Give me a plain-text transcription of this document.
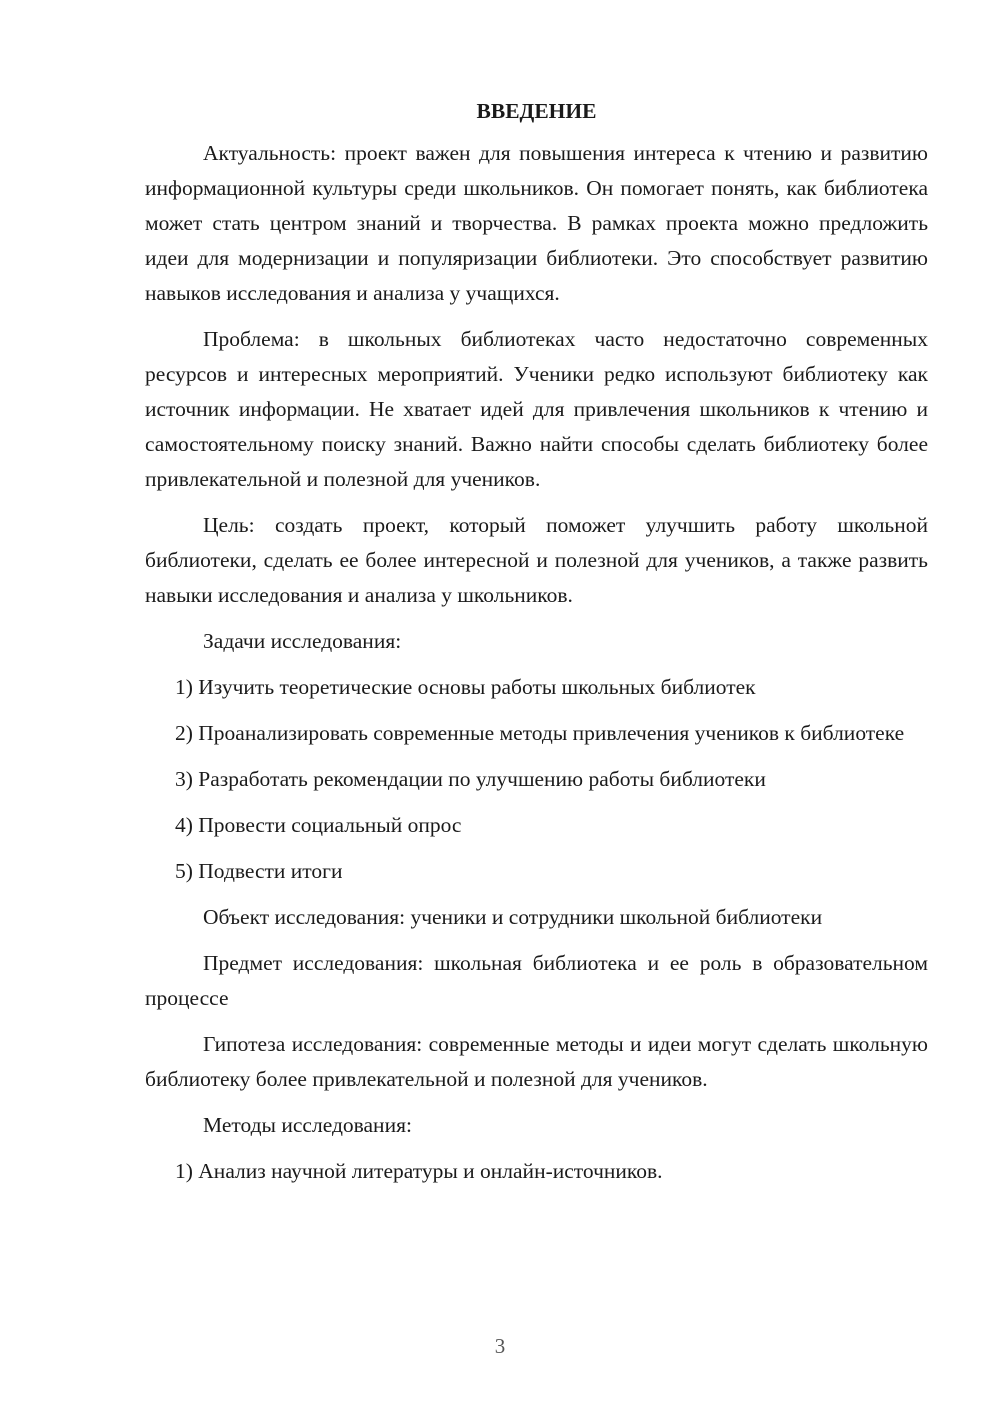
ВВЕДЕНИЕ

Актуальность: проект важен для повышения интереса к чтению и развитию информационной культуры среди школьников. Он помогает понять, как библиотека может стать центром знаний и творчества. В рамках проекта можно предложить идеи для модернизации и популяризации библиотеки. Это способствует развитию навыков исследования и анализа у учащихся.

Проблема: в школьных библиотеках часто недостаточно современных ресурсов и интересных мероприятий. Ученики редко используют библиотеку как источник информации. Не хватает идей для привлечения школьников к чтению и самостоятельному поиску знаний. Важно найти способы сделать библиотеку более привлекательной и полезной для учеников.

Цель: создать проект, который поможет улучшить работу школьной библиотеки, сделать ее более интересной и полезной для учеников, а также развить навыки исследования и анализа у школьников.

Задачи исследования:

1) Изучить теоретические основы работы школьных библиотек

2) Проанализировать современные методы привлечения учеников к библиотеке

3) Разработать рекомендации по улучшению работы библиотеки

4) Провести социальный опрос

5) Подвести итоги

Объект исследования: ученики и сотрудники школьной библиотеки

Предмет исследования: школьная библиотека и ее роль в образовательном процессе

Гипотеза исследования: современные методы и идеи могут сделать школьную библиотеку более привлекательной и полезной для учеников.

Методы исследования:

1) Анализ научной литературы и онлайн-источников.

3
